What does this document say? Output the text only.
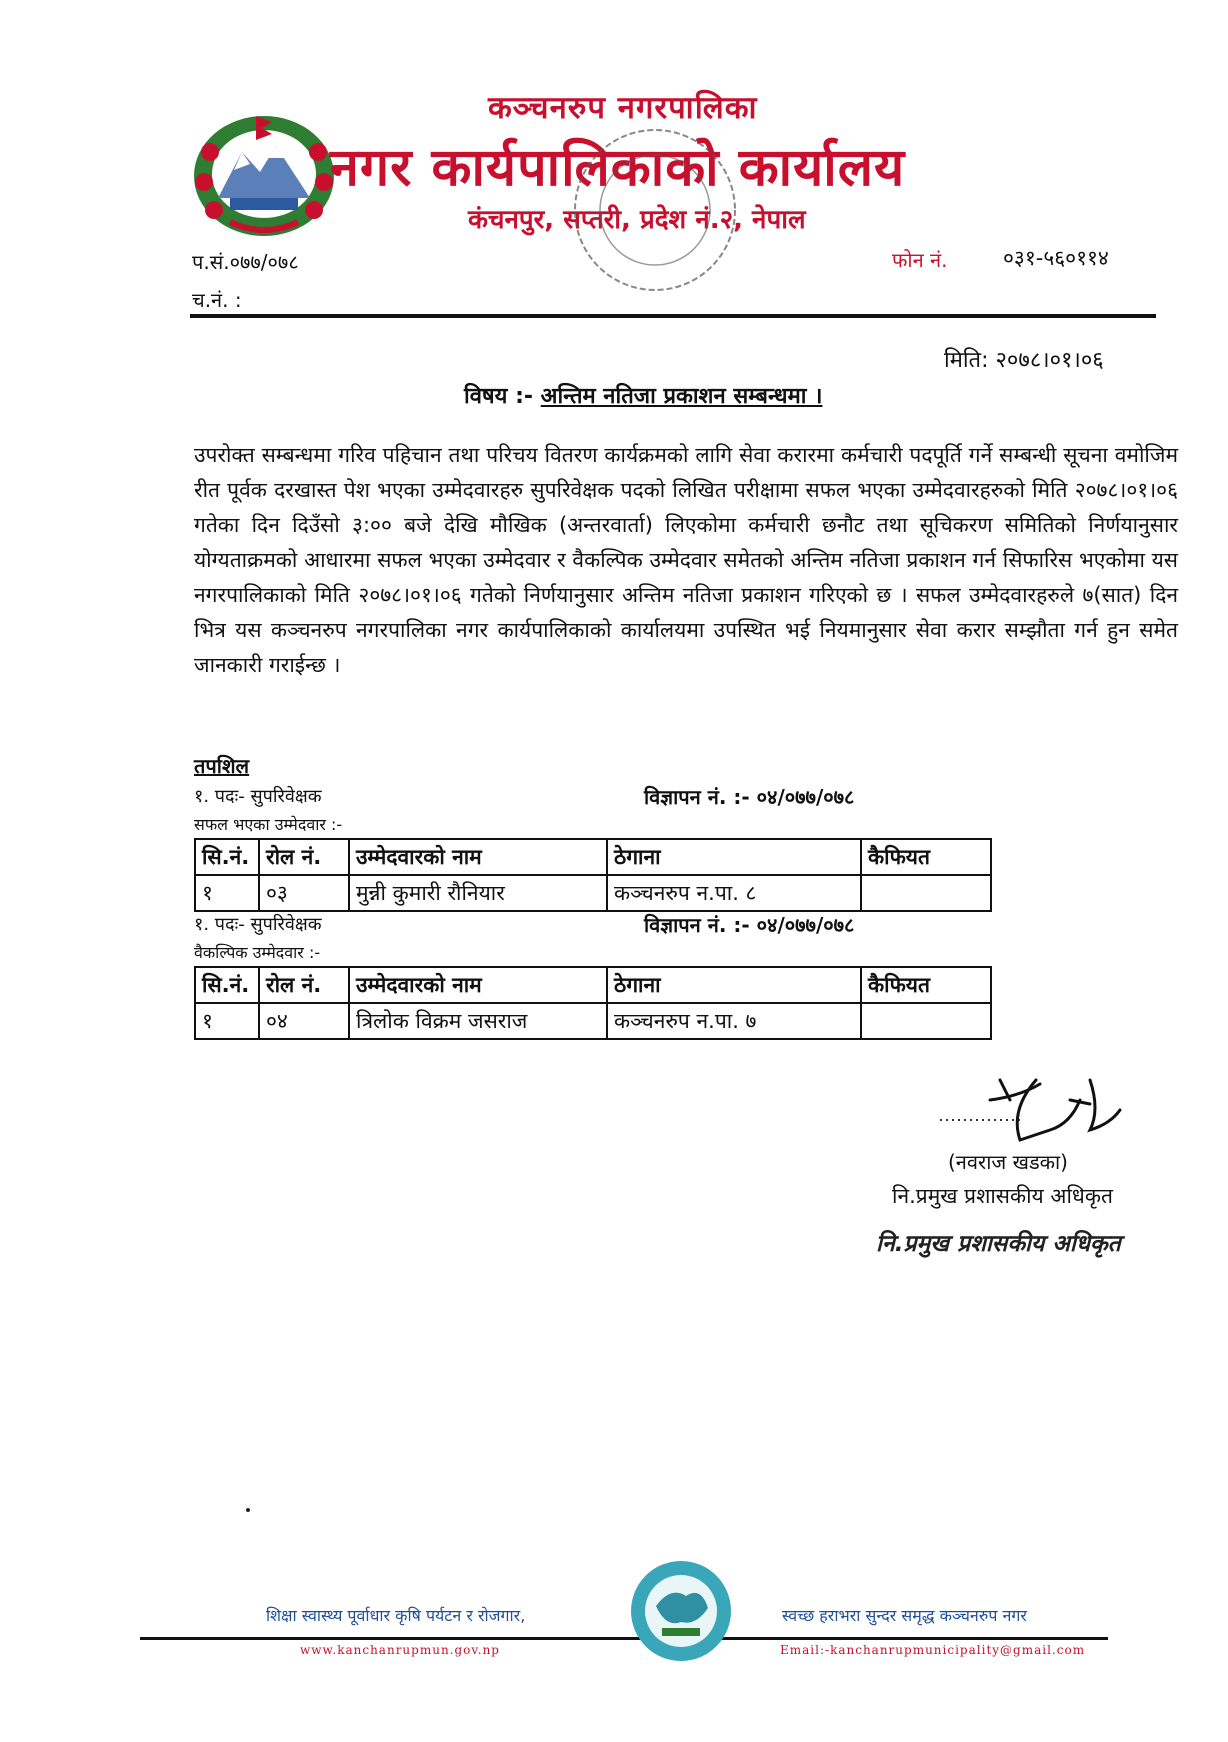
कञ्चनरुप नगरपालिका
नगर कार्यपालिकाको कार्यालय
कंचनपुर, सप्तरी, प्रदेश नं.२, नेपाल
प.सं.०७७/०७८
च.नं. :
फोन नं.	०३१-५६०११४
मिति: २०७८।०१।०६
विषय :- अन्तिम नतिजा प्रकाशन सम्बन्धमा ।
उपरोक्त सम्बन्धमा गरिव पहिचान तथा परिचय वितरण कार्यक्रमको लागि सेवा करारमा कर्मचारी पदपूर्ति गर्ने सम्बन्धी सूचना वमोजिम रीत पूर्वक दरखास्त पेश भएका उम्मेदवारहरु सुपरिवेक्षक पदको लिखित परीक्षामा सफल भएका उम्मेदवारहरुको मिति २०७८।०१।०६ गतेका दिन दिउँसो ३:०० बजे देखि मौखिक (अन्तरवार्ता) लिएकोमा कर्मचारी छनौट तथा सूचिकरण समितिको निर्णयानुसार योग्यताक्रमको आधारमा सफल भएका उम्मेदवार र वैकल्पिक उम्मेदवार समेतको अन्तिम नतिजा प्रकाशन गर्न सिफारिस भएकोमा यस नगरपालिकाको मिति २०७८।०१।०६ गतेको निर्णयानुसार अन्तिम नतिजा प्रकाशन गरिएको छ । सफल उम्मेदवारहरुले ७(सात) दिन भित्र यस कञ्चनरुप नगरपालिका नगर कार्यपालिकाको कार्यालयमा उपस्थित भई नियमानुसार सेवा करार सम्झौता गर्न हुन समेत जानकारी गराईन्छ ।
तपशिल
१. पदः- सुपरिवेक्षक	विज्ञापन नं. :- ०४/०७७/०७८
सफल भएका उम्मेदवार :-
सि.नं.	रोल नं.	उम्मेदवारको नाम	ठेगाना	कैफियत
१	०३	मुन्नी कुमारी रौनियार	कञ्चनरुप न.पा. ८	
१. पदः- सुपरिवेक्षक	विज्ञापन नं. :- ०४/०७७/०७८
वैकल्पिक उम्मेदवार :-
सि.नं.	रोल नं.	उम्मेदवारको नाम	ठेगाना	कैफियत
१	०४	त्रिलोक विक्रम जसराज	कञ्चनरुप न.पा. ७	
(नवराज खडका)
नि.प्रमुख प्रशासकीय अधिकृत
नि.प्रमुख प्रशासकीय अधिकृत
शिक्षा स्वास्थ्य पूर्वाधार कृषि पर्यटन र रोजगार,	स्वच्छ हराभरा सुन्दर समृद्ध कञ्चनरुप नगर
www.kanchanrupmun.gov.np	Email:-kanchanrupmunicipality@gmail.com
